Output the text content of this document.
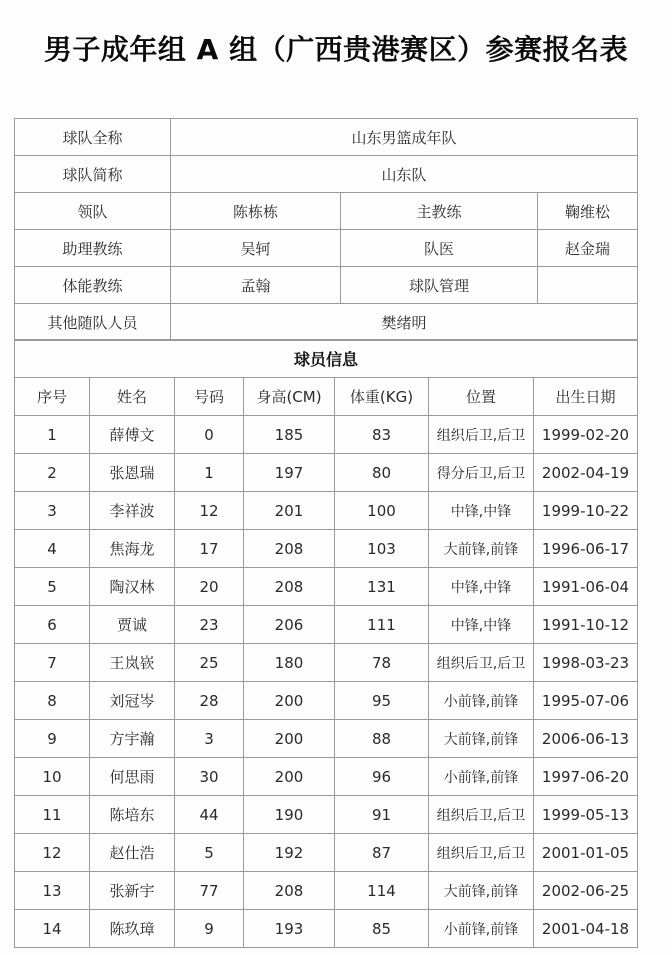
男子成年组 A 组（广西贵港赛区）参赛报名表
球队全称	山东男篮成年队		
球队简称	山东队		
领队	陈栋栋	主教练	鞠维松
助理教练	吴轲	队医	赵金瑞
体能教练	孟翰	球队管理	
其他随队人员	樊绪明		
球员信息						
序号	姓名	号码	身高(CM)	体重(KG)	位置	出生日期
1	薛傅文	0	185	83	组织后卫,后卫	1999-02-20
2	张恩瑞	1	197	80	得分后卫,后卫	2002-04-19
3	李祥波	12	201	100	中锋,中锋	1999-10-22
4	焦海龙	17	208	103	大前锋,前锋	1996-06-17
5	陶汉林	20	208	131	中锋,中锋	1991-06-04
6	贾诚	23	206	111	中锋,中锋	1991-10-12
7	王岚嵚	25	180	78	组织后卫,后卫	1998-03-23
8	刘冠岑	28	200	95	小前锋,前锋	1995-07-06
9	方宇瀚	3	200	88	大前锋,前锋	2006-06-13
10	何思雨	30	200	96	小前锋,前锋	1997-06-20
11	陈培东	44	190	91	组织后卫,后卫	1999-05-13
12	赵仕浩	5	192	87	组织后卫,后卫	2001-01-05
13	张新宇	77	208	114	大前锋,前锋	2002-06-25
14	陈玖璋	9	193	85	小前锋,前锋	2001-04-18
